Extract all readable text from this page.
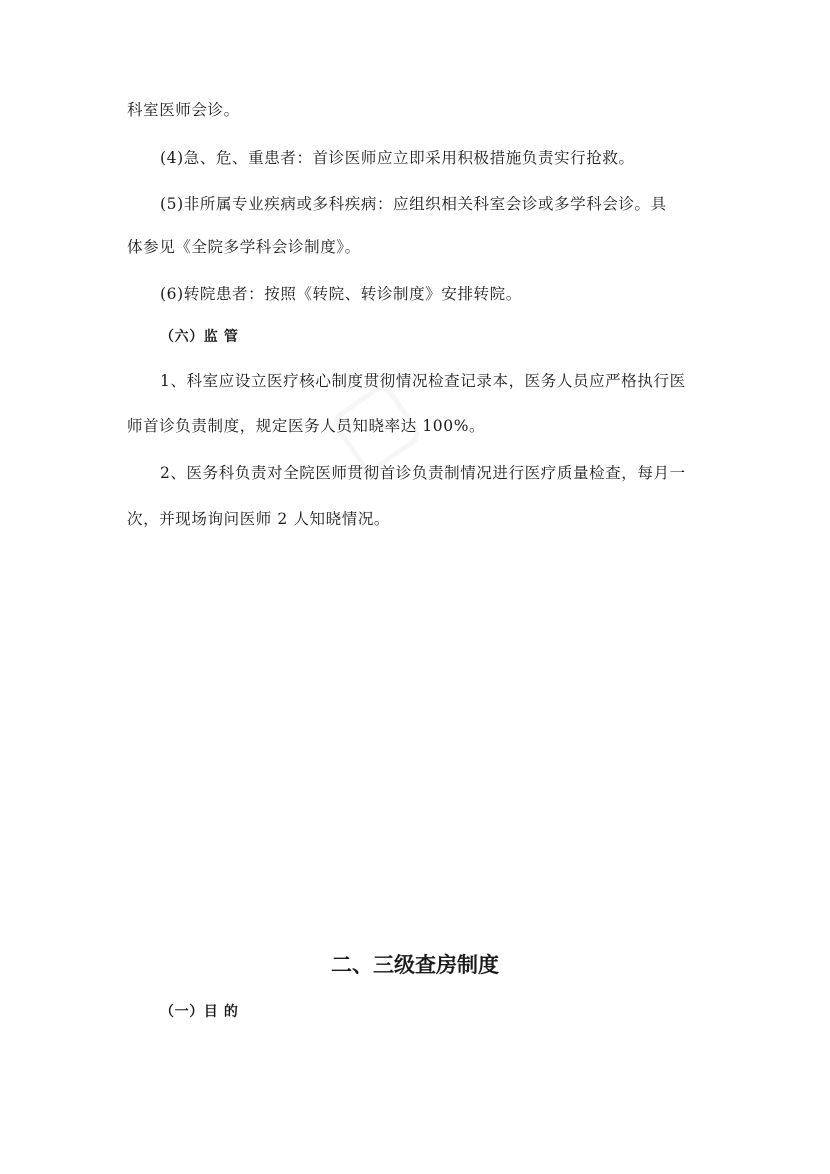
科室医师会诊。
(4)急、危、重患者：首诊医师应立即采用积极措施负责实行抢救。
(5)非所属专业疾病或多科疾病：应组织相关科室会诊或多学科会诊。具
体参见《全院多学科会诊制度》。
(6)转院患者：按照《转院、转诊制度》安排转院。
（六）监 管
1、科室应设立医疗核心制度贯彻情况检查记录本，医务人员应严格执行医
师首诊负责制度，规定医务人员知晓率达 100%。
2、医务科负责对全院医师贯彻首诊负责制情况进行医疗质量检查，每月一
次，并现场询问医师 2 人知晓情况。
二、三级查房制度
（一）目 的
